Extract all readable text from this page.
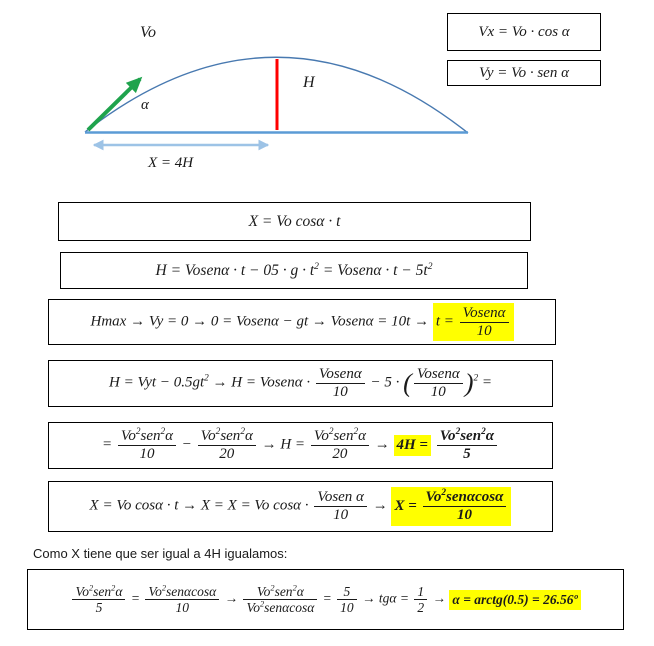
Vo
α
H
X = 4H
Vx = Vo · cos α
Vy = Vo · sen α
X = Vo cosα · t
H = Vosenα · $t - 05 \cdot g \cdot t^2$ = Vosenα · $t - 5t^2$
Hmax → Vy = 0 → 0 = Vosenα − gt → Vosenα = $10t \to t = \frac{\text{Vosenα}}{10}$
H = Vyt − $0.5gt^2 \to H$ = Vosenα · $\frac{\text{Vosenα}}{10} - 5$ · ( $\frac{\text{Vosenα}}{10} )^2$ =
= $\frac{Vo^2sen^2\alpha}{10} - \frac{Vo^2sen^2\alpha}{20} \to H = \frac{Vo^2sen^2\alpha}{20} \to 4H = \frac{Vo^2sen^2\alpha}{5}$
X = Vo cosα · t → X = X = Vo $\cos\alpha \cdot \frac{\text{Vosen α}}{10} \to X = \frac{Vo^2sen\alpha\cos\alpha}{10}$
Como X tiene que ser igual a 4H igualamos:
$\frac{Vo^2sen^2\alpha}{5} = \frac{Vo^2sen\alpha\cos\alpha}{10} \to \frac{Vo^2sen^2\alpha}{Vo^2sen\alpha\cos\alpha} = \frac{5}{10} \to tg\alpha = \frac{1}{2} \to \alpha$ = arctg(0.5) = 26.56º
